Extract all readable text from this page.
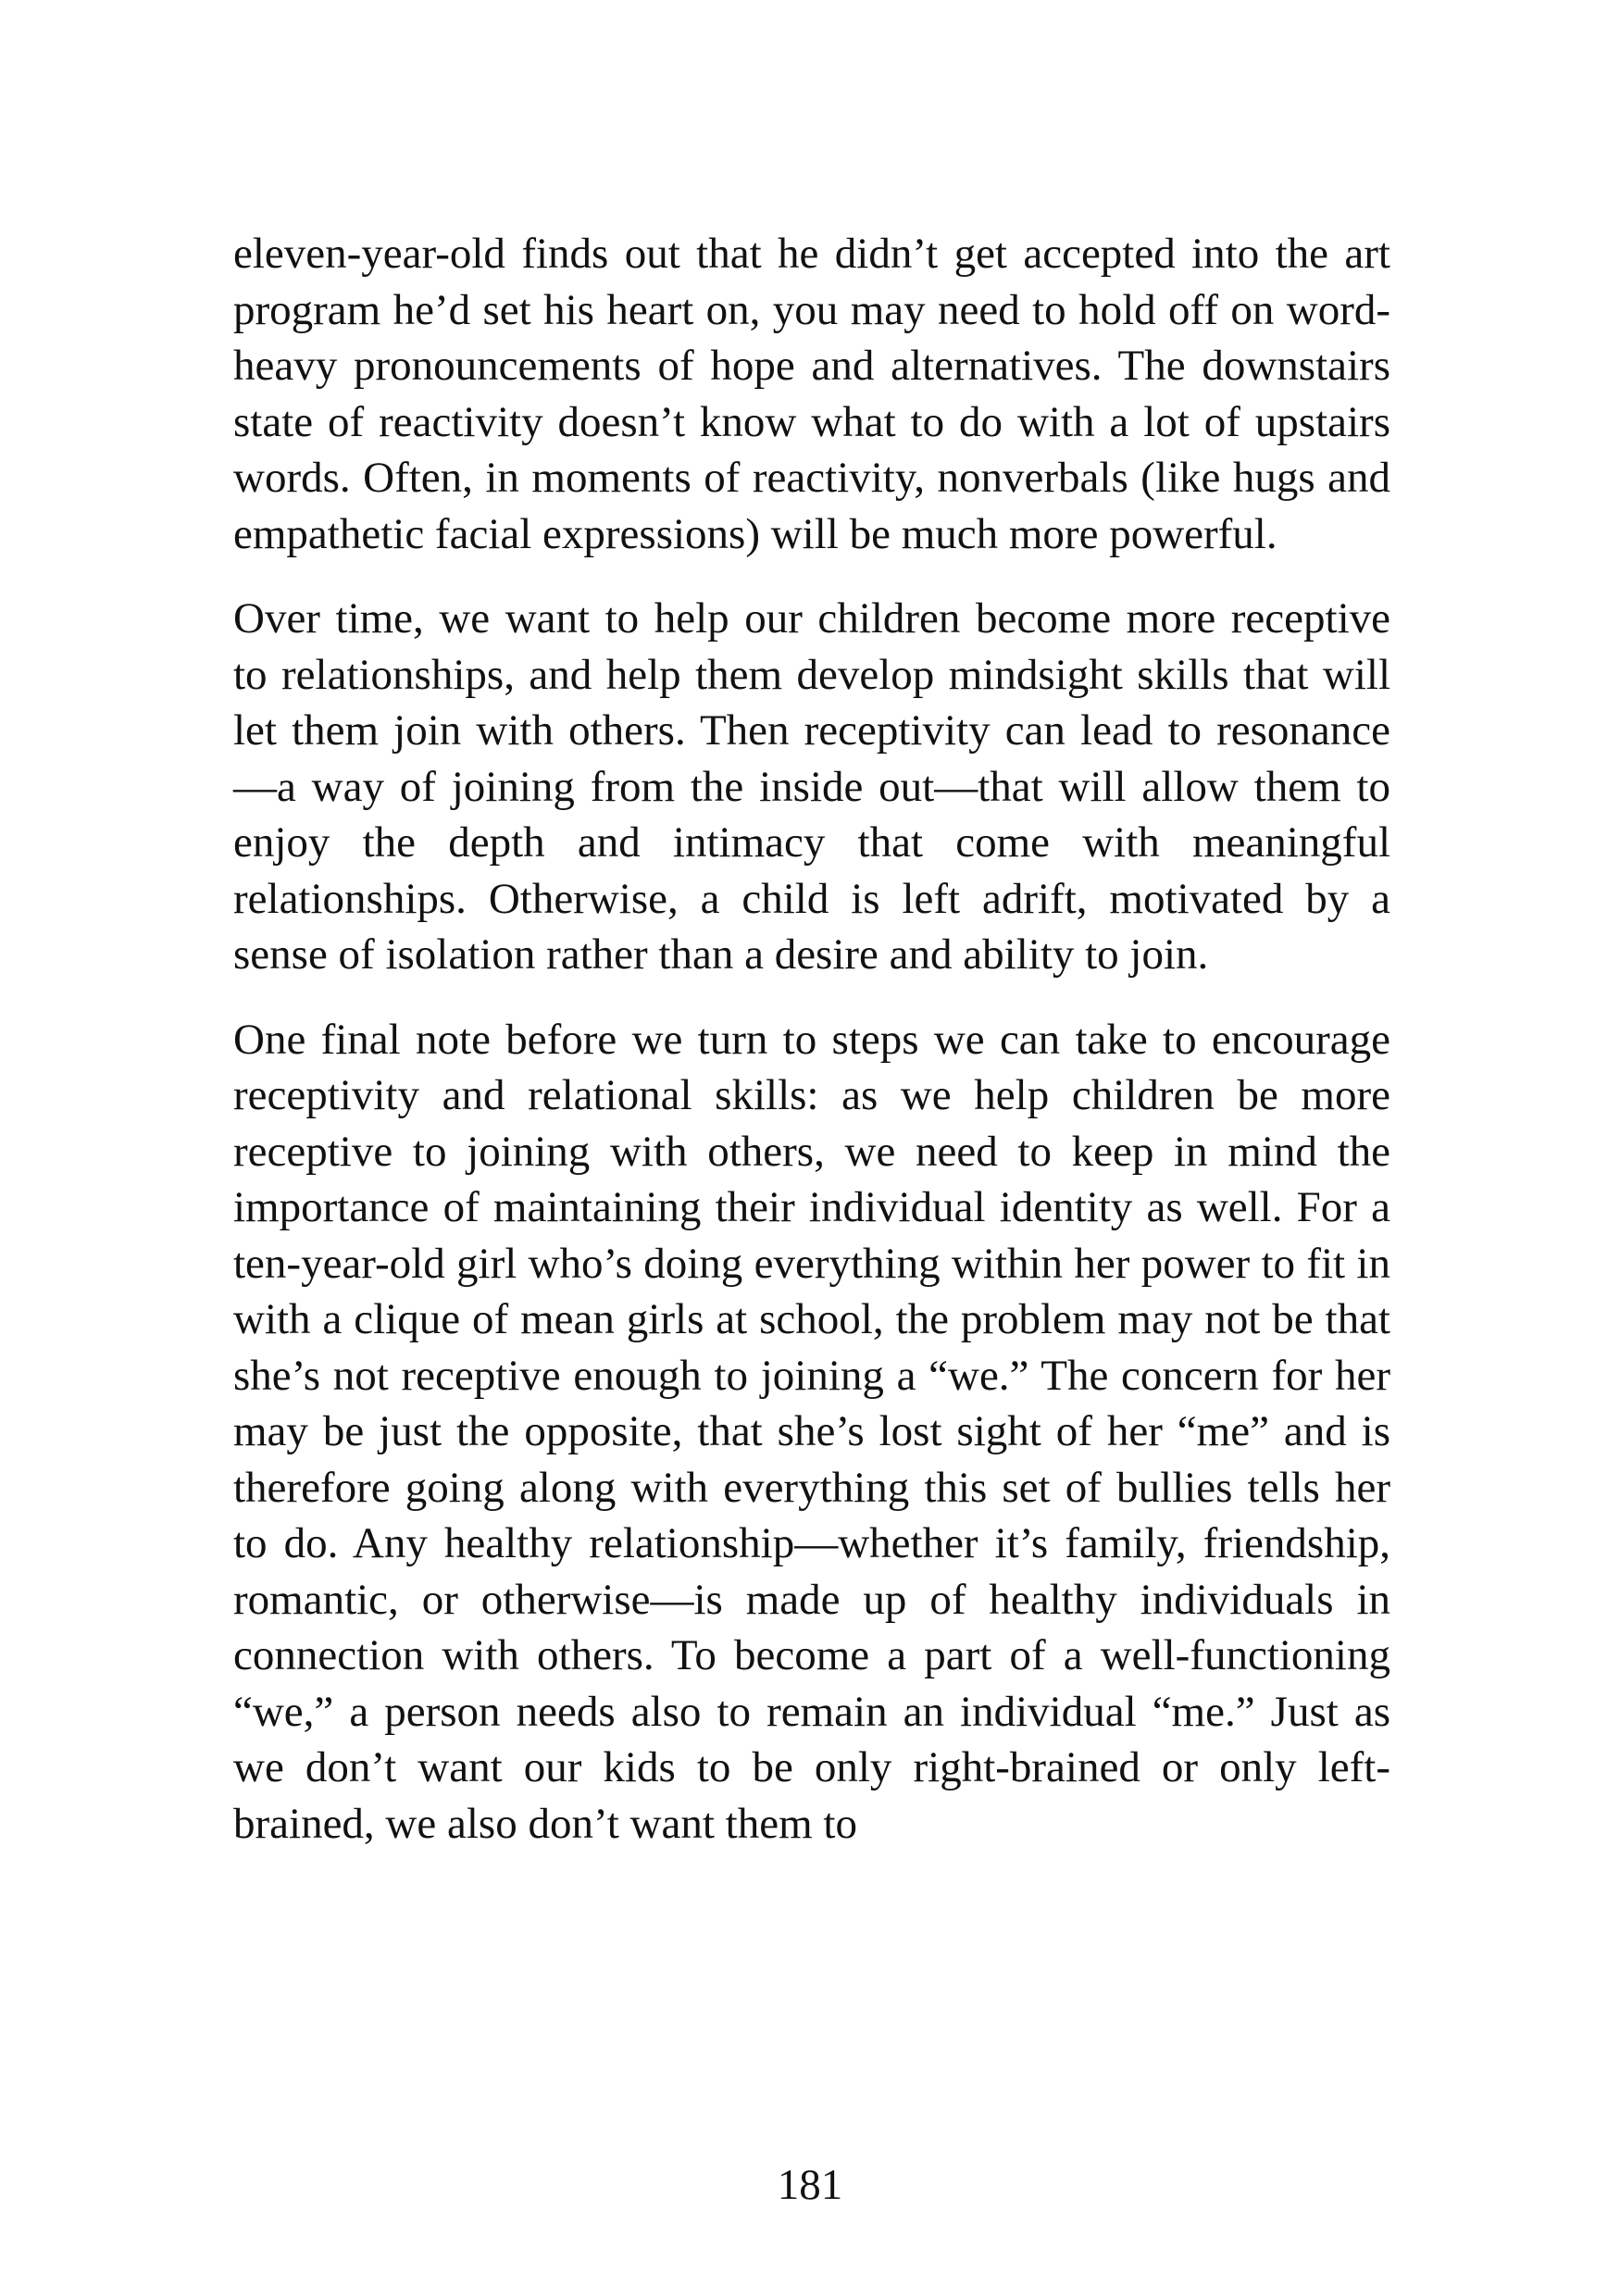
eleven-year-old finds out that he didn’t get accepted into the art program he’d set his heart on, you may need to hold off on word-heavy pronouncements of hope and alternatives. The downstairs state of reactivity doesn’t know what to do with a lot of upstairs words. Often, in moments of reactivity, nonverbals (like hugs and empathetic facial expressions) will be much more powerful.

Over time, we want to help our children become more receptive to relationships, and help them develop mindsight skills that will let them join with others. Then receptivity can lead to resonance—a way of joining from the inside out—that will allow them to enjoy the depth and intimacy that come with meaningful relationships. Otherwise, a child is left adrift, motivated by a sense of isolation rather than a desire and ability to join.

One final note before we turn to steps we can take to encourage receptivity and relational skills: as we help children be more receptive to joining with others, we need to keep in mind the importance of maintaining their individual identity as well. For a ten-year-old girl who’s doing everything within her power to fit in with a clique of mean girls at school, the problem may not be that she’s not receptive enough to joining a “we.” The concern for her may be just the opposite, that she’s lost sight of her “me” and is therefore going along with everything this set of bullies tells her to do. Any healthy relationship—whether it’s family, friendship, romantic, or otherwise—is made up of healthy individuals in connection with others. To become a part of a well-functioning “we,” a person needs also to remain an individual “me.” Just as we don’t want our kids to be only right-brained or only left-brained, we also don’t want them to

181
